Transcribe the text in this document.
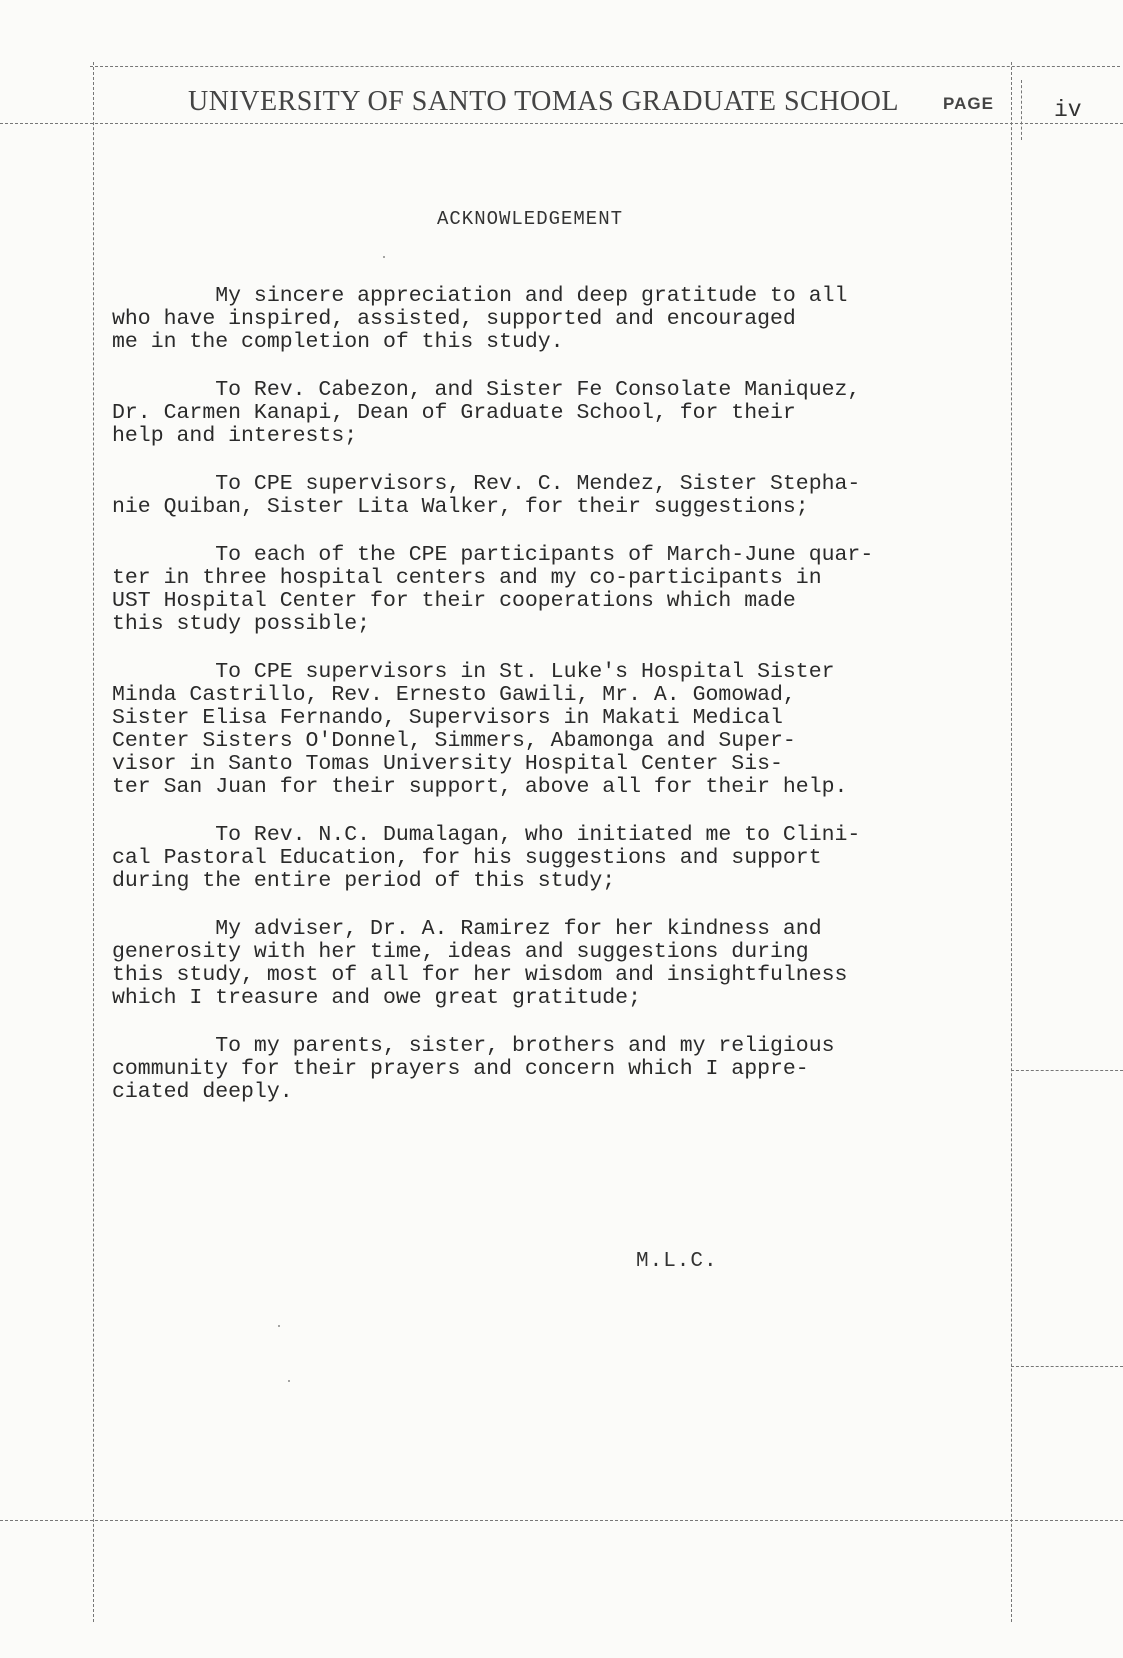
UNIVERSITY OF SANTO TOMAS GRADUATE SCHOOL	PAGE	iv
ACKNOWLEDGEMENT

My sincere appreciation and deep gratitude to all
who have inspired, assisted, supported and encouraged
me in the completion of this study.

To Rev. Cabezon, and Sister Fe Consolate Maniquez,
Dr. Carmen Kanapi, Dean of Graduate School, for their
help and interests;

To CPE supervisors, Rev. C. Mendez, Sister Stepha-
nie Quiban, Sister Lita Walker, for their suggestions;

To each of the CPE participants of March-June quar-
ter in three hospital centers and my co-participants in
UST Hospital Center for their cooperations which made
this study possible;

To CPE supervisors in St. Luke's Hospital Sister
Minda Castrillo, Rev. Ernesto Gawili, Mr. A. Gomowad,
Sister Elisa Fernando, Supervisors in Makati Medical
Center Sisters O'Donnel, Simmers, Abamonga and Super-
visor in Santo Tomas University Hospital Center Sis-
ter San Juan for their support, above all for their help.

To Rev. N.C. Dumalagan, who initiated me to Clini-
cal Pastoral Education, for his suggestions and support
during the entire period of this study;

My adviser, Dr. A. Ramirez for her kindness and
generosity with her time, ideas and suggestions during
this study, most of all for her wisdom and insightfulness
which I treasure and owe great gratitude;

To my parents, sister, brothers and my religious
community for their prayers and concern which I appre-
ciated deeply.

M.L.C.
